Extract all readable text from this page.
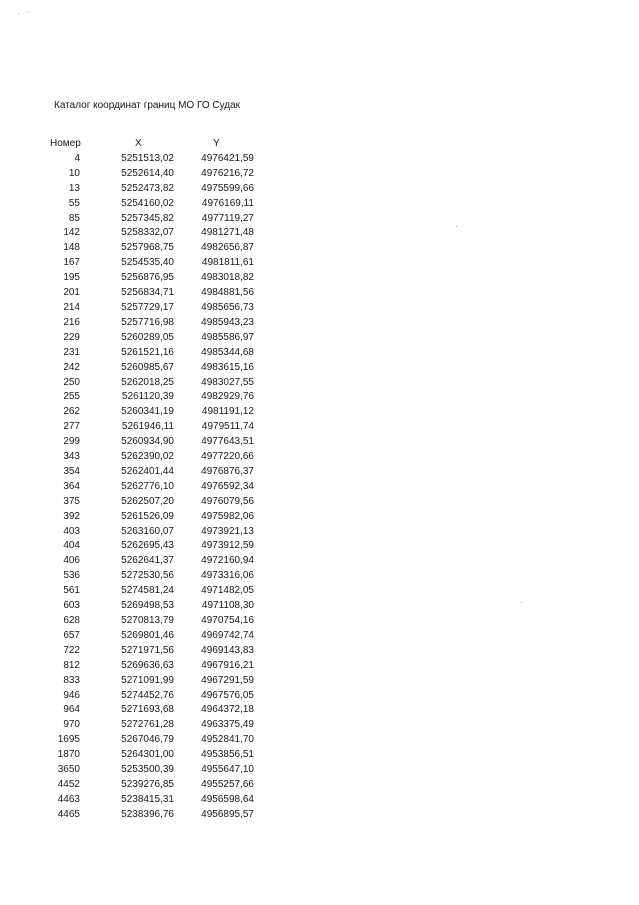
Каталог координат границ МО ГО Судак
Номер	X	Y
4	5251513,02	4976421,59
10	5252614,40	4976216,72
13	5252473,82	4975599,66
55	5254160,02	4976169,11
85	5257345,82	4977119,27
142	5258332,07	4981271,48
148	5257968,75	4982656,87
167	5254535,40	4981811,61
195	5256876,95	4983018,82
201	5256834,71	4984881,56
214	5257729,17	4985656,73
216	5257716,98	4985943,23
229	5260289,05	4985586,97
231	5261521,16	4985344,68
242	5260985,67	4983615,16
250	5262018,25	4983027,55
255	5261120,39	4982929,76
262	5260341,19	4981191,12
277	5261946,11	4979511,74
299	5260934,90	4977643,51
343	5262390,02	4977220,66
354	5262401,44	4976876,37
364	5262776,10	4976592,34
375	5262507,20	4976079,56
392	5261526,09	4975982,06
403	5263160,07	4973921,13
404	5262695,43	4973912,59
406	5262641,37	4972160,94
536	5272530,56	4973316,06
561	5274581,24	4971482,05
603	5269498,53	4971108,30
628	5270813,79	4970754,16
657	5269801,46	4969742,74
722	5271971,56	4969143,83
812	5269636,63	4967916,21
833	5271091,99	4967291,59
946	5274452,76	4967576,05
964	5271693,68	4964372,18
970	5272761,28	4963375,49
1695	5267046,79	4952841,70
1870	5264301,00	4953856,51
3650	5253500,39	4955647,10
4452	5239276,85	4955257,66
4463	5238415,31	4956598,64
4465	5238396,76	4956895,57
